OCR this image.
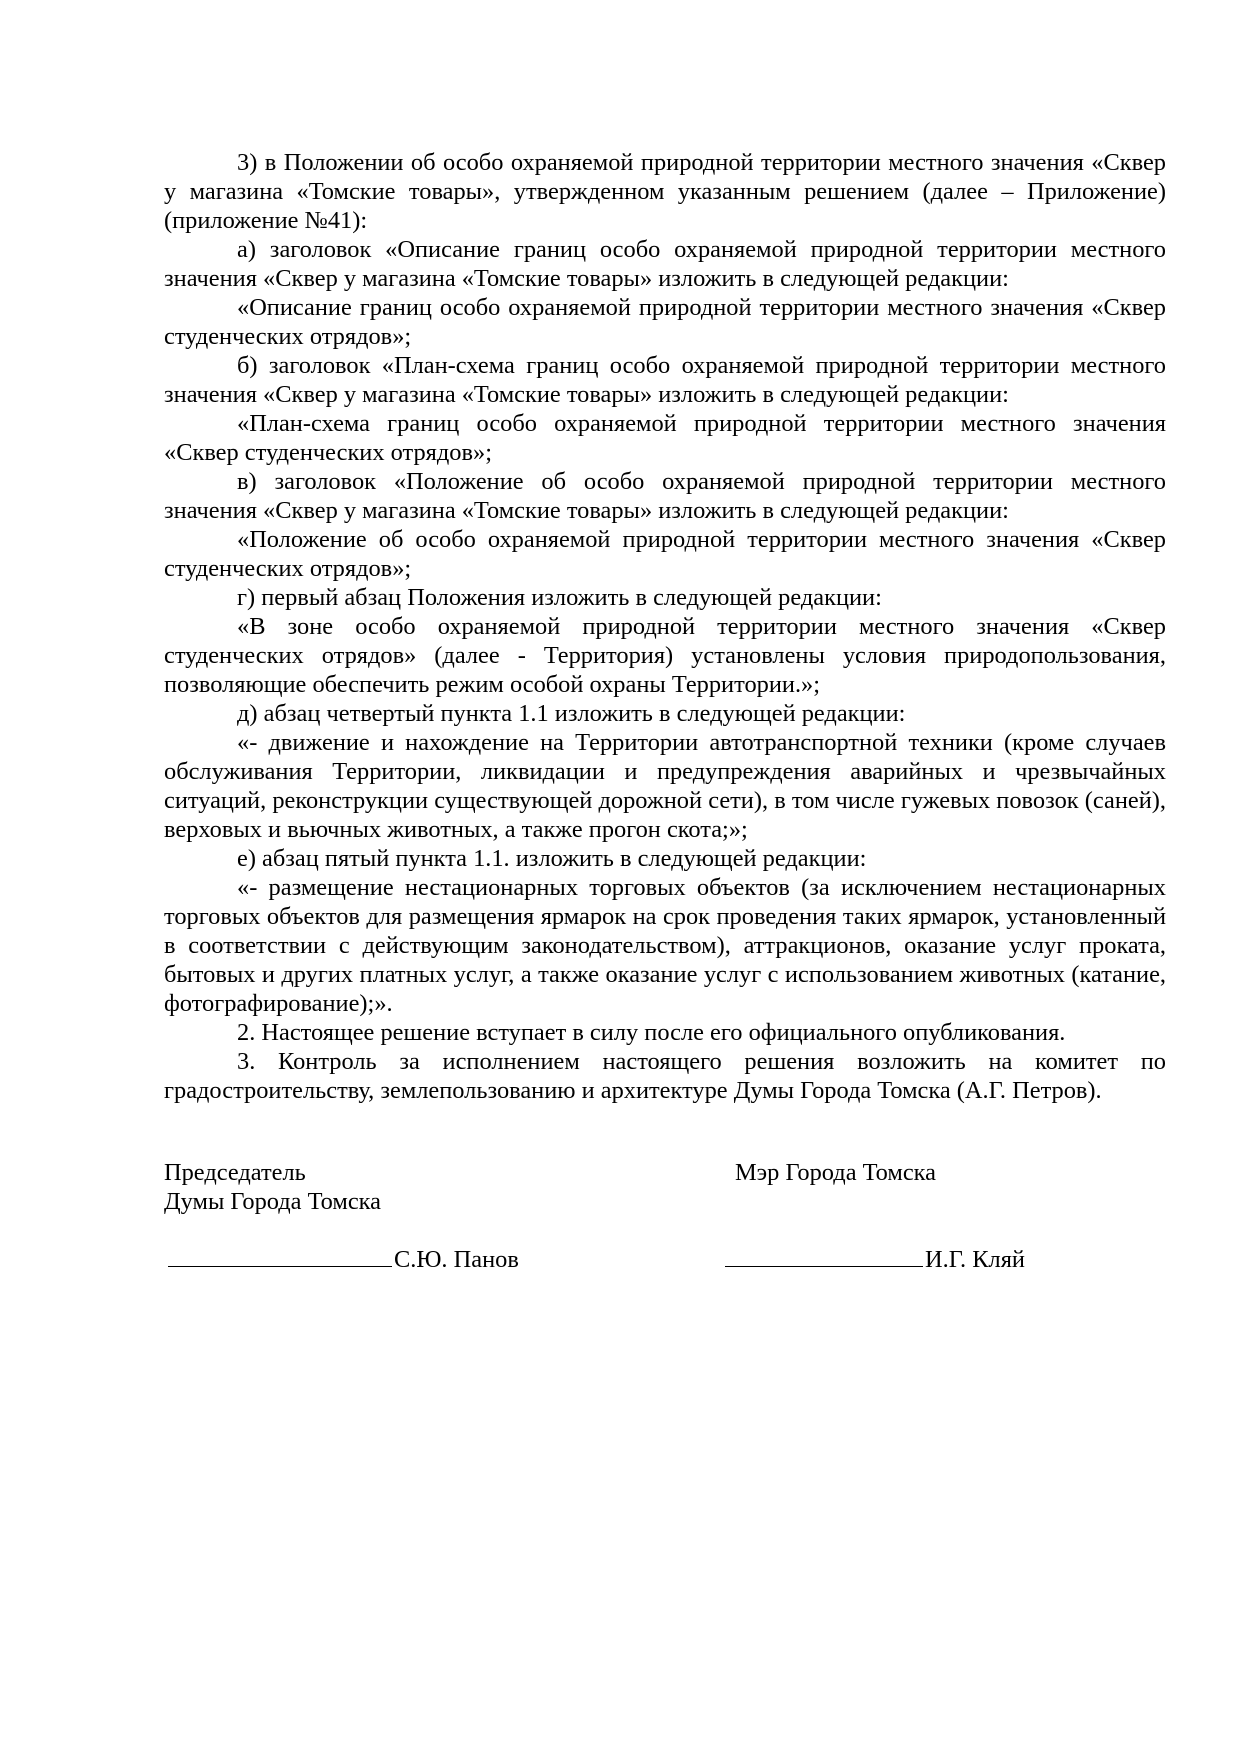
3) в Положении об особо охраняемой природной территории местного значения «Сквер у магазина «Томские товары», утвержденном указанным решением (далее – Приложение) (приложение №41):

а) заголовок «Описание границ особо охраняемой природной территории местного значения «Сквер у магазина «Томские товары» изложить в следующей редакции:

«Описание границ особо охраняемой природной территории местного значения «Сквер студенческих отрядов»;

б) заголовок «План-схема границ особо охраняемой природной территории местного значения «Сквер у магазина «Томские товары» изложить в следующей редакции:

«План-схема границ особо охраняемой природной территории местного значения «Сквер студенческих отрядов»;

в) заголовок «Положение об особо охраняемой природной территории местного значения «Сквер у магазина «Томские товары» изложить в следующей редакции:

«Положение об особо охраняемой природной территории местного значения «Сквер студенческих отрядов»;

г) первый абзац Положения изложить в следующей редакции:

«В зоне особо охраняемой природной территории местного значения «Сквер студенческих отрядов» (далее - Территория) установлены условия природопользования, позволяющие обеспечить режим особой охраны Территории.»;

д) абзац четвертый пункта 1.1 изложить в следующей редакции:

«- движение и нахождение на Территории автотранспортной техники (кроме случаев обслуживания Территории, ликвидации и предупреждения аварийных и чрезвычайных ситуаций, реконструкции существующей дорожной сети), в том числе гужевых повозок (саней), верховых и вьючных животных, а также прогон скота;»;

е) абзац пятый пункта 1.1. изложить в следующей редакции:

«- размещение нестационарных торговых объектов (за исключением нестационарных торговых объектов для размещения ярмарок на срок проведения таких ярмарок, установленный в соответствии с действующим законодательством), аттракционов, оказание услуг проката, бытовых и других платных услуг, а также оказание услуг с использованием животных (катание, фотографирование);».

2. Настоящее решение вступает в силу после его официального опубликования.

3. Контроль за исполнением настоящего решения возложить на комитет по градостроительству, землепользованию и архитектуре Думы Города Томска (А.Г. Петров).

Председатель
Думы Города Томска
Мэр Города Томска
С.Ю. Панов	И.Г. Кляй
